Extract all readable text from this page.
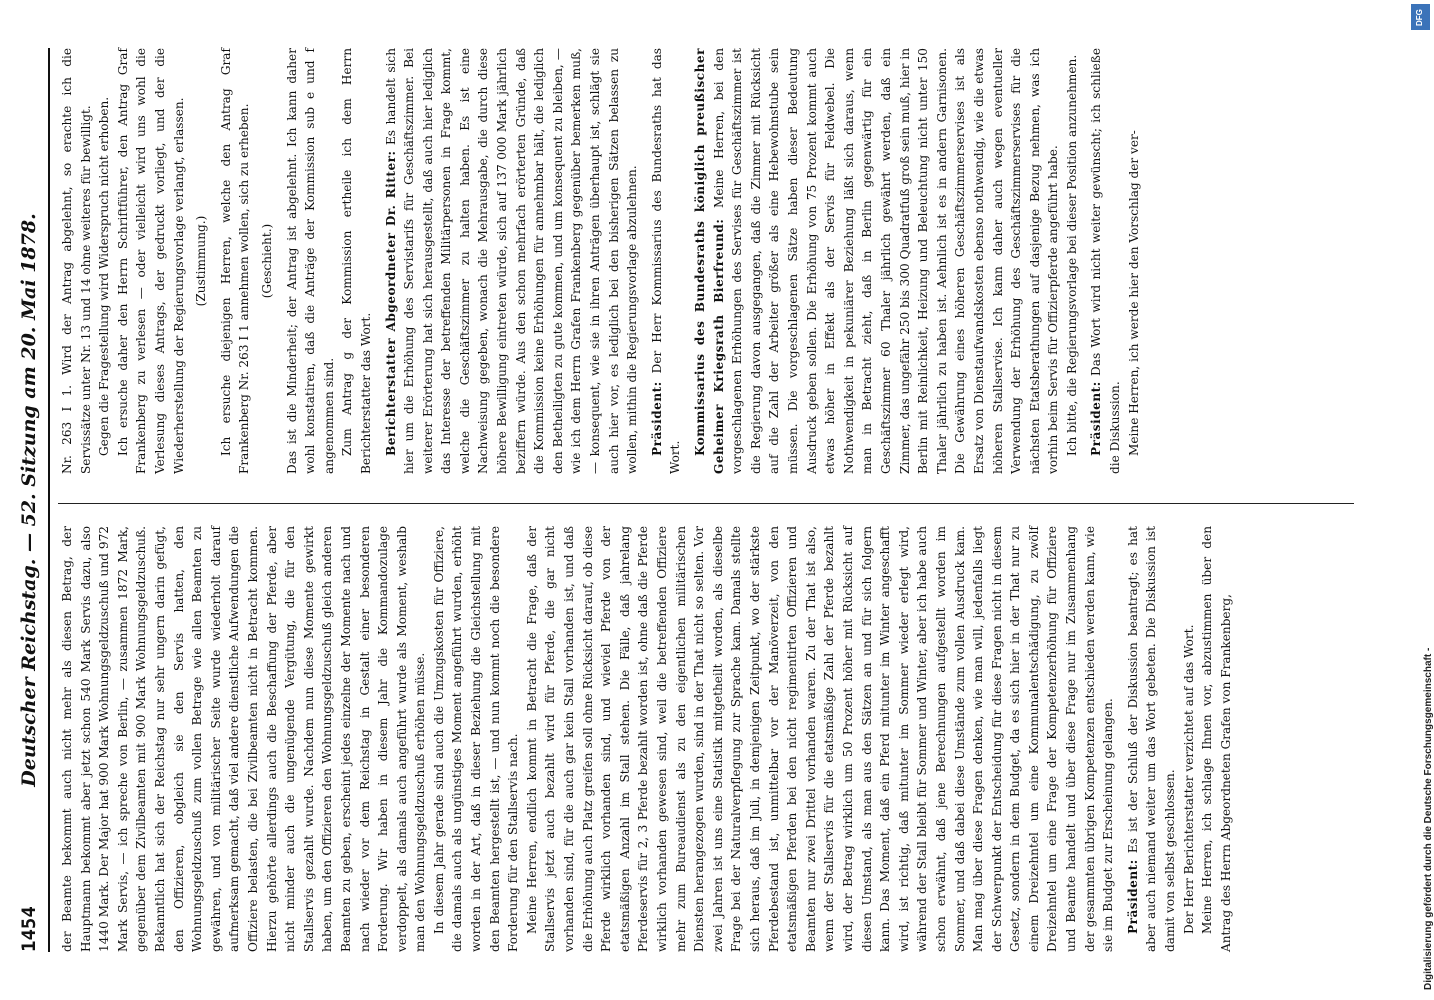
1454
Deutscher Reichstag. — 52. Sitzung am 20. Mai 1878. der Beamte bekommt auch nicht mehr als diesen Betrag, der Hauptmann bekommt aber jetzt schon 540 Mark Servis dazu, also 1440 Mark. Der Major hat 900 Mark Wohnungsgeldzuschuß und 972 Mark Servis, — ich spreche von Berlin, — zusammen 1872 Mark, gegenüber dem Zivilbeamten mit 900 Mark Wohnungsgeldzuschuß. Bekanntlich hat sich der Reichstag nur sehr ungern darin gefügt, den Offizieren, obgleich sie den Servis hatten, den Wohnungsgeldzuschuß zum vollen Betrage wie allen Beamten zu gewähren, und von militärischer Seite wurde wiederholt darauf aufmerksam gemacht, daß viel andere dienstliche Aufwendungen die Offiziere belasten, die bei Zivilbeamten nicht in Betracht kommen. Hierzu gehörte allerdings auch die Beschaffung der Pferde, aber nicht minder auch die ungenügende Vergütung, die für den Stallservis gezahlt wurde. Nachdem nun diese Momente gewirkt haben, um den Offizieren den Wohnungsgeldzuschuß gleich anderen Beamten zu geben, erscheint jedes einzelne der Momente nach und nach wieder vor dem Reichstag in Gestalt einer besonderen Forderung. Wir haben in diesem Jahr die Kommandozulage verdoppelt, als damals auch angeführt wurde als Moment, weshalb man den Wohnungsgeldzuschuß erhöhen müsse. In diesem Jahr gerade sind auch die Umzugskosten für Offiziere, die damals auch als ungünstiges Moment angeführt wurden, erhöht worden in der Art, daß in dieser Beziehung die Gleichstellung mit den Beamten hergestellt ist, — und nun kommt noch die besondere Forderung für den Stallservis nach. Meine Herren, endlich kommt in Betracht die Frage, daß der Stallservis jetzt auch bezahlt wird für Pferde, die gar nicht vorhanden sind, für die auch gar kein Stall vorhanden ist, und daß die Erhöhung auch Platz greifen soll ohne Rücksicht darauf, ob diese Pferde wirklich vorhanden sind, und wieviel Pferde von der etatsmäßigen Anzahl im Stall stehen. Die Fälle, daß jahrelang Pferdeservis für 2, 3 Pferde bezahlt worden ist, ohne daß die Pferde wirklich vorhanden gewesen sind, weil die betreffenden Offiziere mehr zum Bureaudienst als zu den eigentlichen militärischen Diensten herangezogen wurden, sind in der That nicht so selten. Vor zwei Jahren ist uns eine Statistik mitgetheilt worden, als dieselbe Frage bei der Naturalverpflegung zur Sprache kam. Damals stellte sich heraus, daß im Juli, in demjenigen Zeitpunkt, wo der stärkste Pferdebestand ist, unmittelbar vor der Manöverzeit, von den etatsmäßigen Pferden bei den nicht regimentirten Offizieren und Beamten nur zwei Drittel vorhanden waren. Zu der That ist also, wenn der Stallservis für die etatsmäßige Zahl der Pferde bezahlt wird, der Betrag wirklich um 50 Prozent höher mit Rücksicht auf diesen Umstand, als man aus den Sätzen an und für sich folgern kann. Das Moment, daß ein Pferd mitunter im Winter angeschafft wird, ist richtig, daß mitunter im Sommer wieder erlegt wird, während der Stall bleibt für Sommer und Winter, aber ich habe auch schon erwähnt, daß jene Berechnungen aufgestellt worden im Sommer, und daß dabei diese Umstände zum vollen Ausdruck kam. Man mag über diese Fragen denken, wie man will, jedenfalls liegt der Schwerpunkt der Entscheidung für diese Fragen nicht in diesem Gesetz, sondern in dem Budget, da es sich hier in der That nur zu einem Dreizehntel um eine Kommunalentschädigung, zu zwölf Dreizehntel um eine Frage der Kompetenzerhöhung für Offiziere und Beamte handelt und über diese Frage nur im Zusammenhang der gesammten übrigen Kompetenzen entschieden werden kann, wie sie im Budget zur Erscheinung gelangen. Präsident: Es ist der Schluß der Diskussion beantragt; es hat aber auch niemand weiter um das Wort gebeten. Die Diskussion ist damit von selbst geschlossen. Der Herr Berichterstatter verzichtet auf das Wort. Meine Herren, ich schlage Ihnen vor, abzustimmen über den Antrag des Herrn Abgeordneten Grafen von Frankenberg,

Nr. 263 I 1. Wird der Antrag abgelehnt, so erachte ich die Servissätze unter Nr. 13 und 14 ohne weiteres für bewilligt. Gegen die Fragestellung wird Widerspruch nicht erhoben. Ich ersuche daher den Herrn Schriftführer, den Antrag Graf Frankenberg zu verlesen — oder vielleicht wird uns wohl die Verlesung dieses Antrags, der gedruckt vorliegt, und der die Wiederherstellung der Regierungsvorlage verlangt, erlassen. (Zustimmung.) Ich ersuche diejenigen Herren, welche den Antrag Graf Frankenberg Nr. 263 I 1 annehmen wollen, sich zu erheben. (Geschieht.) Das ist die Minderheit; der Antrag ist abgelehnt. Ich kann daher wohl konstatiren, daß die Anträge der Kommission sub e und f angenommen sind. Zum Antrag g der Kommission ertheile ich dem Herrn Berichterstatter das Wort. Berichterstatter Abgeordneter Dr. Ritter: Es handelt sich hier um die Erhöhung des Servistarifs für Geschäftszimmer. Bei weiterer Erörterung hat sich herausgestellt, daß auch hier lediglich das Interesse der betreffenden Militärpersonen in Frage kommt, welche die Geschäftszimmer zu halten haben. Es ist eine Nachweisung gegeben, wonach die Mehrausgabe, die durch diese höhere Bewilligung eintreten würde, sich auf 137 000 Mark jährlich beziffern würde. Aus den schon mehrfach erörterten Gründe, daß die Kommission keine Erhöhungen für annehmbar hält, die lediglich den Betheiligten zu gute kommen, und um konsequent zu bleiben, — wie ich dem Herrn Grafen Frankenberg gegenüber bemerken muß, — konsequent, wie sie in ihren Anträgen überhaupt ist, schlägt sie auch hier vor, es lediglich bei den bisherigen Sätzen belassen zu wollen, mithin die Regierungsvorlage abzulehnen. Präsident: Der Herr Kommissarius des Bundesraths hat das Wort.

Kommissarius des Bundesraths königlich preußischer Geheimer Kriegsrath Bierfreund: Meine Herren, bei den vorgeschlagenen Erhöhungen des Servises für Geschäftszimmer ist die Regierung davon ausgegangen, daß die Zimmer mit Rücksicht auf die Zahl der Arbeiter größer als eine Hebewohnstube sein müssen. Die vorgeschlagenen Sätze haben dieser Bedeutung Ausdruck geben sollen. Die Erhöhung von 75 Prozent kommt auch etwas höher in Effekt als der Servis für Feldwebel. Die Nothwendigkeit in pekuniärer Beziehung läßt sich daraus, wenn man in Betracht zieht, daß in Berlin gegenwärtig für ein Geschäftszimmer 60 Thaler jährlich gewährt werden, daß ein Zimmer, das ungefähr 250 bis 300 Quadratfuß groß sein muß, hier in Berlin mit Reinlichkeit, Heizung und Beleuchtung nicht unter 150 Thaler jährlich zu haben ist. Aehnlich ist es in andern Garnisonen. Die Gewährung eines höheren Geschäftszimmerservises ist als Ersatz von Dienstaufwandskosten ebenso nothwendig, wie die etwas höheren Stallservise. Ich kann daher auch wegen eventueller Verwendung der Erhöhung des Geschäftszimmerservises für die nächsten Etatsberathungen auf dasjenige Bezug nehmen, was ich vorhin beim Servis für Offizierpferde angeführt habe. Ich bitte, die Regierungsvorlage bei dieser Position anzunehmen. Präsident: Das Wort wird nicht weiter gewünscht; ich schließe die Diskussion. Meine Herren, ich werde hier den Vorschlag der ver-

Digitalisierung gefördert durch die Deutsche Forschungsgemeinschaft -
DFG
